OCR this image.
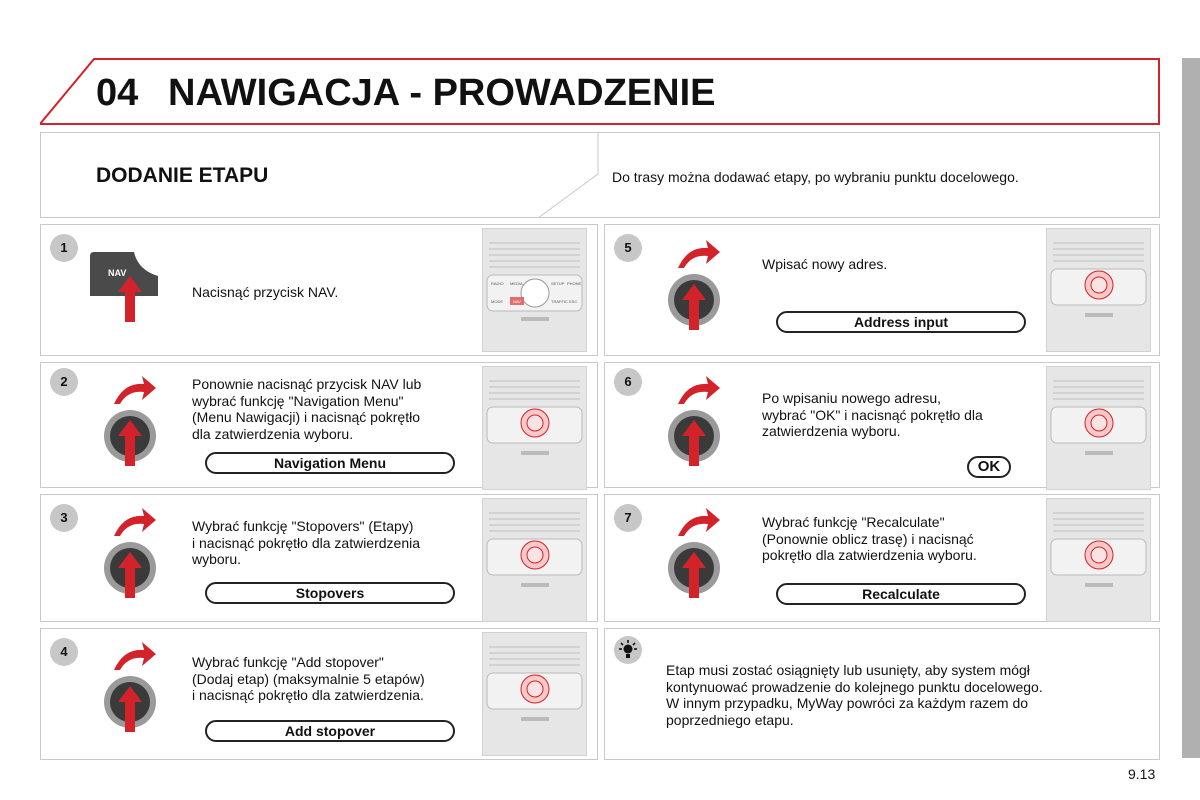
04 NAWIGACJA - PROWADZENIE
DODANIE ETAPU	Do trasy można dodawać etapy, po wybraniu punktu docelowego.
1
NAV
Nacisnąć przycisk NAV.
RADIO MEDIA	SETUP PHONE
MODE	NAV	TRAFFIC ESC
2	Ponownie nacisnąć przycisk NAV lub
wybrać funkcję "Navigation Menu"
(Menu Nawigacji) i nacisnąć pokrętło
dla zatwierdzenia wyboru.
Navigation Menu
3
Wybrać funkcję "Stopovers" (Etapy)
i nacisnąć pokrętło dla zatwierdzenia
wyboru.
Stopovers
4
Wybrać funkcję "Add stopover"
(Dodaj etap) (maksymalnie 5 etapów)
i nacisnąć pokrętło dla zatwierdzenia.
Add stopover
5
Wpisać nowy adres.
Address input
6
Po wpisaniu nowego adresu,
wybrać "OK" i nacisnąć pokrętło dla
zatwierdzenia wyboru.
OK
7	Wybrać funkcję "Recalculate"
(Ponownie oblicz trasę) i nacisnąć
pokrętło dla zatwierdzenia wyboru.
Recalculate
Etap musi zostać osiągnięty lub usunięty, aby system mógł
kontynuować prowadzenie do kolejnego punktu docelowego.
W innym przypadku, MyWay powróci za każdym razem do
poprzedniego etapu.
9.13
